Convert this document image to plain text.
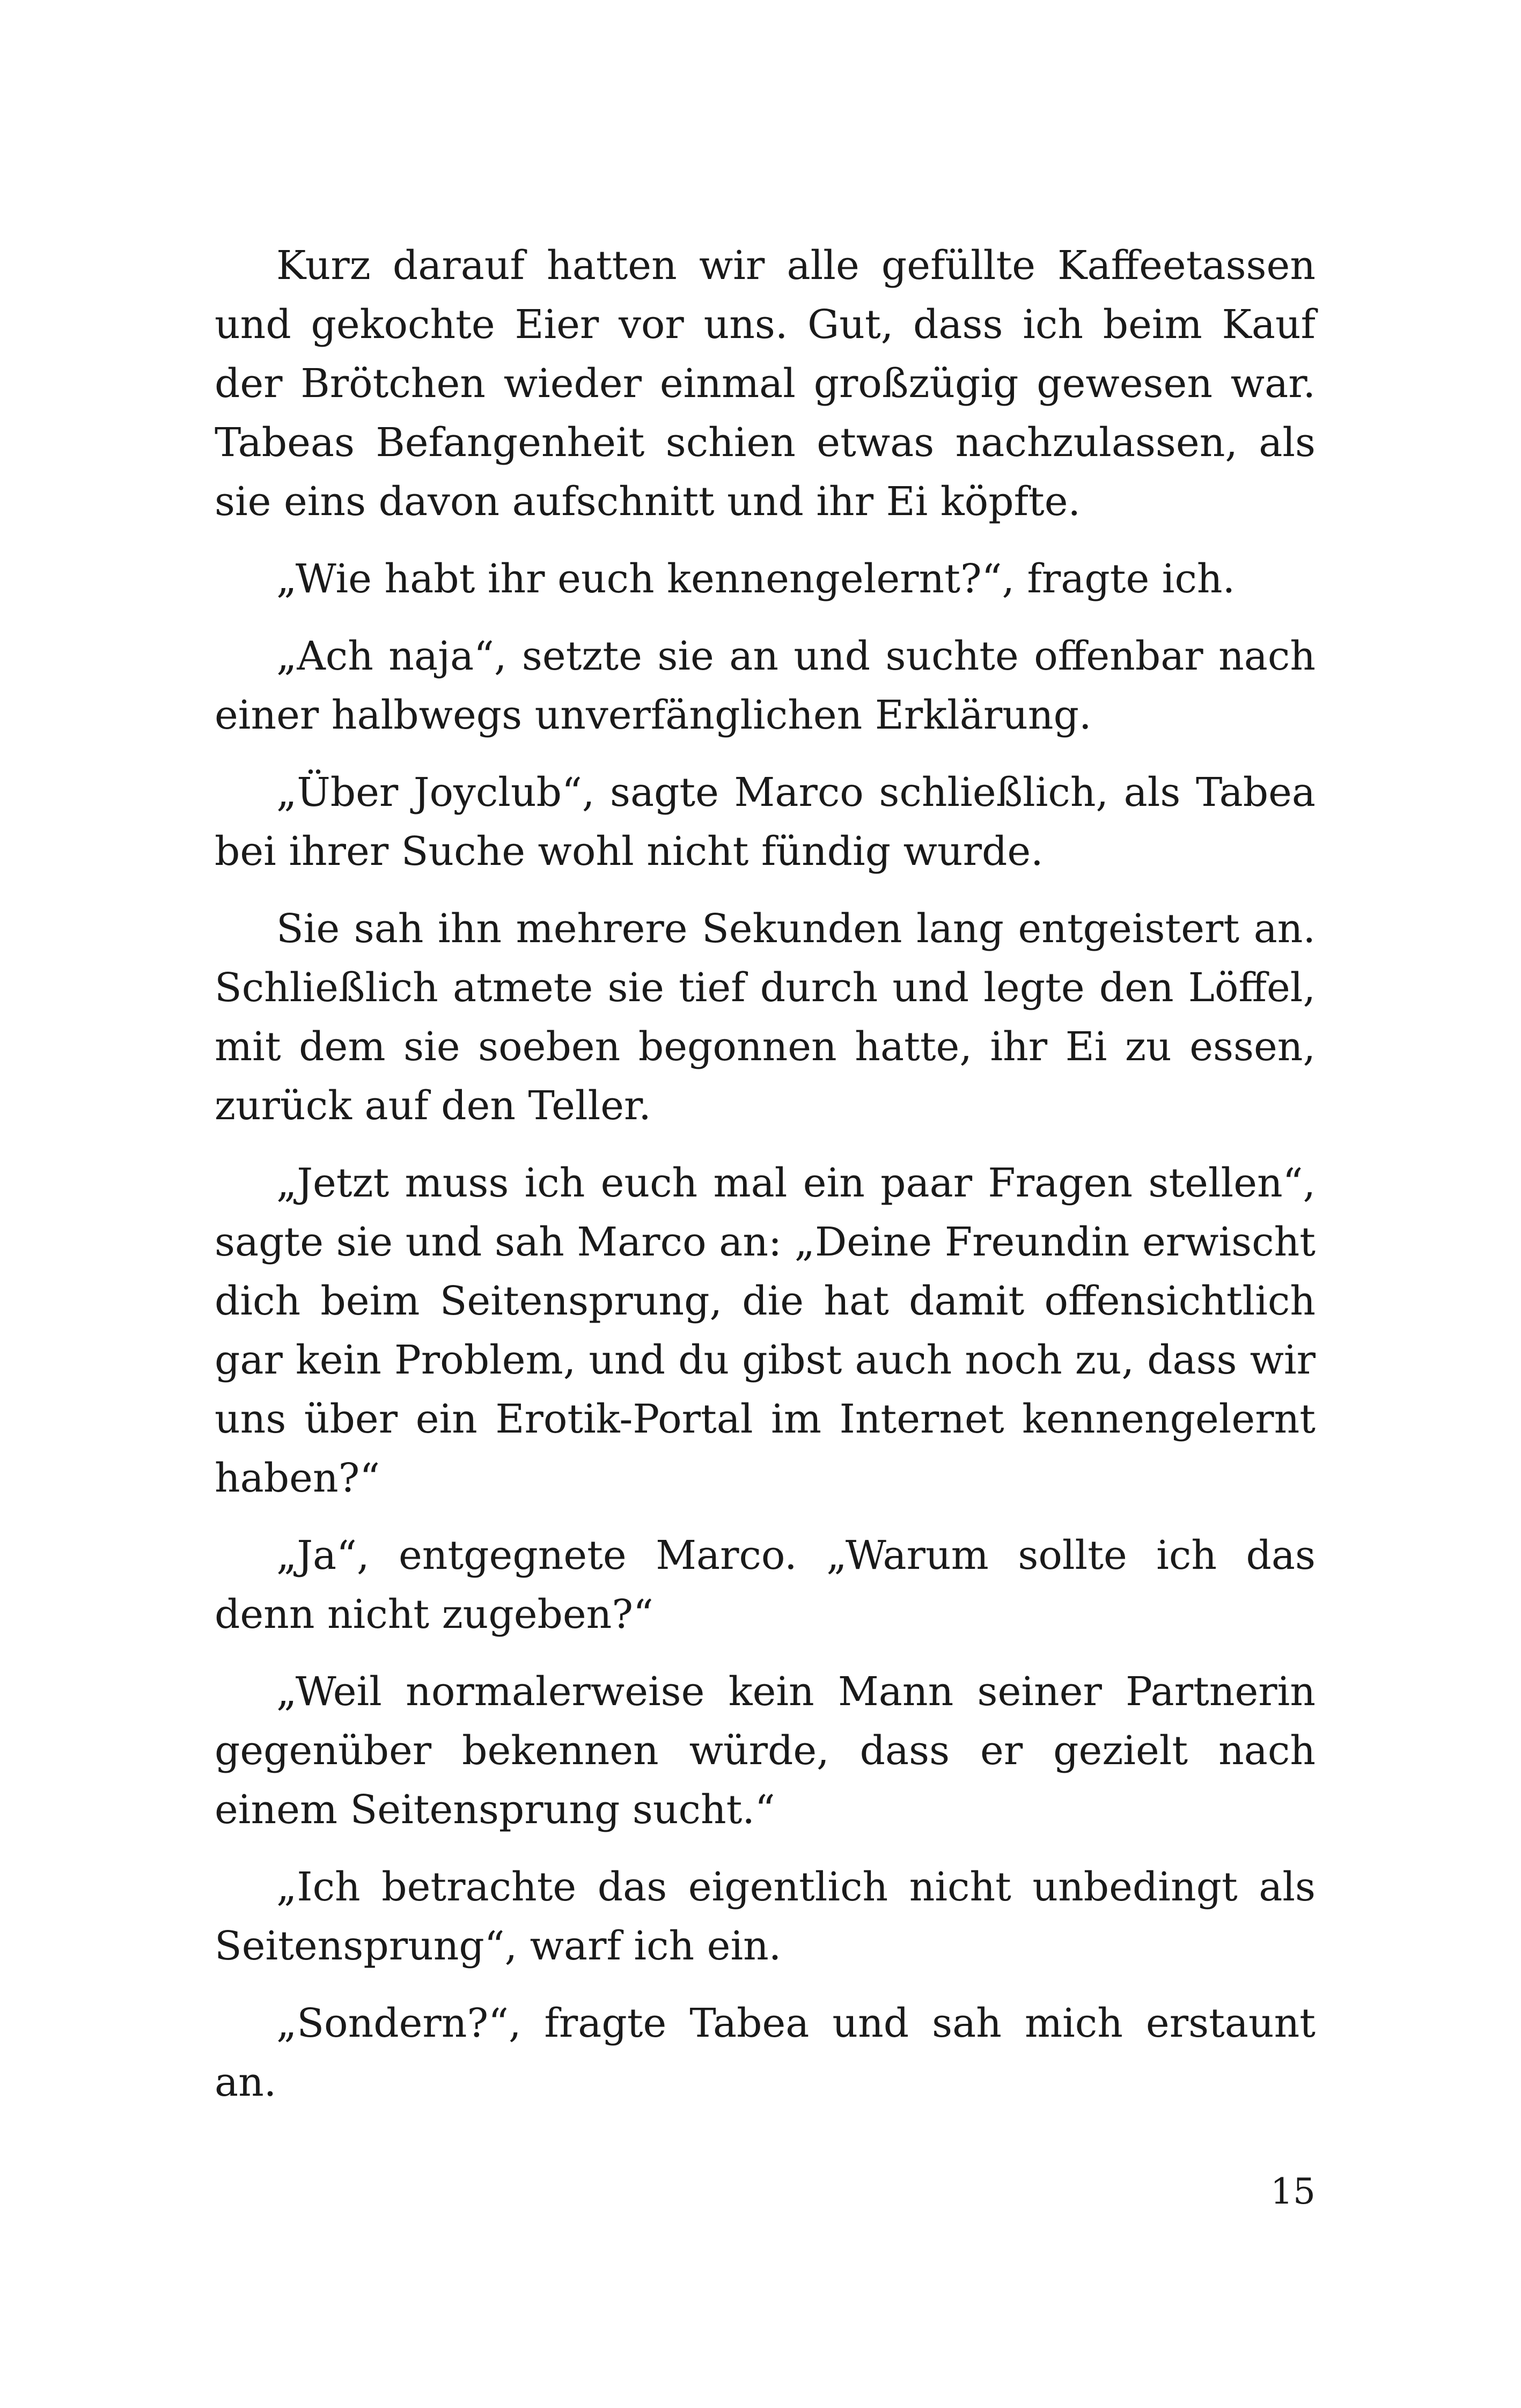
Kurz darauf hatten wir alle gefüllte Kaffeetassen und gekochte Eier vor uns. Gut, dass ich beim Kauf der Brötchen wieder einmal großzügig gewesen war. Tabeas Befangenheit schien etwas nachzulassen, als sie eins davon aufschnitt und ihr Ei köpfte.

„Wie habt ihr euch kennengelernt?“, fragte ich.

„Ach naja“, setzte sie an und suchte offenbar nach einer halbwegs unverfänglichen Erklärung.

„Über Joyclub“, sagte Marco schließlich, als Tabea bei ihrer Suche wohl nicht fündig wurde.

Sie sah ihn mehrere Sekunden lang entgeistert an. Schließlich atmete sie tief durch und legte den Löffel, mit dem sie soeben begonnen hatte, ihr Ei zu essen, zurück auf den Teller.

„Jetzt muss ich euch mal ein paar Fragen stellen“, sagte sie und sah Marco an: „Deine Freundin erwischt dich beim Seitensprung, die hat damit offensichtlich gar kein Problem, und du gibst auch noch zu, dass wir uns über ein Erotik-Portal im Internet kennengelernt haben?“

„Ja“, entgegnete Marco. „Warum sollte ich das denn nicht zugeben?“

„Weil normalerweise kein Mann seiner Partnerin gegenüber bekennen würde, dass er gezielt nach einem Seitensprung sucht.“

„Ich betrachte das eigentlich nicht unbedingt als Seitensprung“, warf ich ein.

„Sondern?“, fragte Tabea und sah mich erstaunt an.

15
